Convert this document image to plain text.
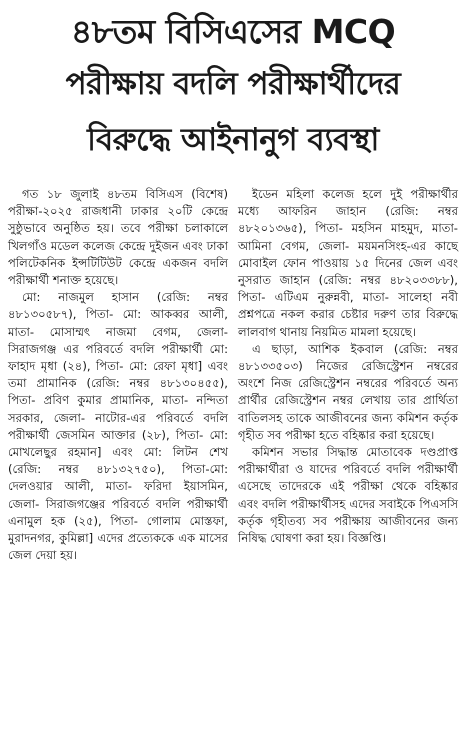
৪৮তম বিসিএসের MCQ
পরীক্ষায় বদলি পরীক্ষার্থীদের
বিরুদ্ধে আইনানুগ ব্যবস্থা

গত ১৮ জুলাই ৪৮তম বিসিএস (বিশেষ) পরীক্ষা-২০২৫ রাজধানী ঢাকার ২০টি কেন্দ্রে সুষ্ঠুভাবে অনুষ্ঠিত হয়। তবে পরীক্ষা চলাকালে খিলগাঁও মডেল কলেজ কেন্দ্রে দুইজন এবং ঢাকা পলিটেকনিক ইন্সটিটিউট কেন্দ্রে একজন বদলি পরীক্ষার্থী শনাক্ত হয়েছে।

মো: নাজমুল হাসান (রেজি: নম্বর ৪৮১৩০৫৮৭), পিতা- মো: আকব্বর আলী, মাতা- মোসাম্মৎ নাজমা বেগম, জেলা- সিরাজগঞ্জ এর পরিবর্তে বদলি পরীক্ষার্থী মো: ফাহাদ মৃধা (২৪), পিতা- মো: রেফা মৃধা] এবং তমা প্রামানিক (রেজি: নম্বর ৪৮১৩০৪৫৫), পিতা- প্রবিণ কুমার প্রামানিক, মাতা- নন্দিতা সরকার, জেলা- নাটোর-এর পরিবর্তে বদলি পরীক্ষার্থী জেসমিন আক্তার (২৮), পিতা- মো: মোখলেছুর রহমান] এবং মো: লিটন শেখ (রেজি: নম্বর ৪৮১৩২৭৫০), পিতা-মো: দেলওয়ার আলী, মাতা- ফরিদা ইয়াসমিন, জেলা- সিরাজগঞ্জের পরিবর্তে বদলি পরীক্ষার্থী এনামুল হক (২৫), পিতা- গোলাম মোস্তফা, মুরাদনগর, কুমিল্লা] এদের প্রত্যেককে এক মাসের জেল দেয়া হয়।

ইডেন মহিলা কলেজ হলে দুই পরীক্ষার্থীর মধ্যে আফরিন জাহান (রেজি: নম্বর ৪৮২০১৩৬৫), পিতা- মহসিন মাহমুদ, মাতা- আমিনা বেগম, জেলা- ময়মনসিংহ-এর কাছে মোবাইল ফোন পাওয়ায় ১৫ দিনের জেল এবং নুসরাত জাহান (রেজি: নম্বর ৪৮২০৩৩৮৮), পিতা- এটিএম নুরুন্নবী, মাতা- সালেহা নবী প্রশ্নপত্রে নকল করার চেষ্টার দরুণ তার বিরুদ্ধে লালবাগ থানায় নিয়মিত মামলা হয়েছে।

এ ছাড়া, আশিক ইকবাল (রেজি: নম্বর ৪৮১৩৩৫০৩) নিজের রেজিস্ট্রেশন নম্বরের অংশে নিজ রেজিস্ট্রেশন নম্বরের পরিবর্তে অন্য প্রার্থীর রেজিস্ট্রেশন নম্বর লেখায় তার প্রার্থিতা বাতিলসহ তাকে আজীবনের জন্য কমিশন কর্তৃক গৃহীত সব পরীক্ষা হতে বহিষ্কার করা হয়েছে।

কমিশন সভার সিদ্ধান্ত মোতাবেক দণ্ডপ্রাপ্ত পরীক্ষার্থীরা ও যাদের পরিবর্তে বদলি পরীক্ষার্থী এসেছে তাদেরকে এই পরীক্ষা থেকে বহিষ্কার এবং বদলি পরীক্ষার্থীসহ এদের সবাইকে পিএসসি কর্তৃক গৃহীতব্য সব পরীক্ষায় আজীবনের জন্য নিষিদ্ধ ঘোষণা করা হয়। বিজ্ঞপ্তি।
